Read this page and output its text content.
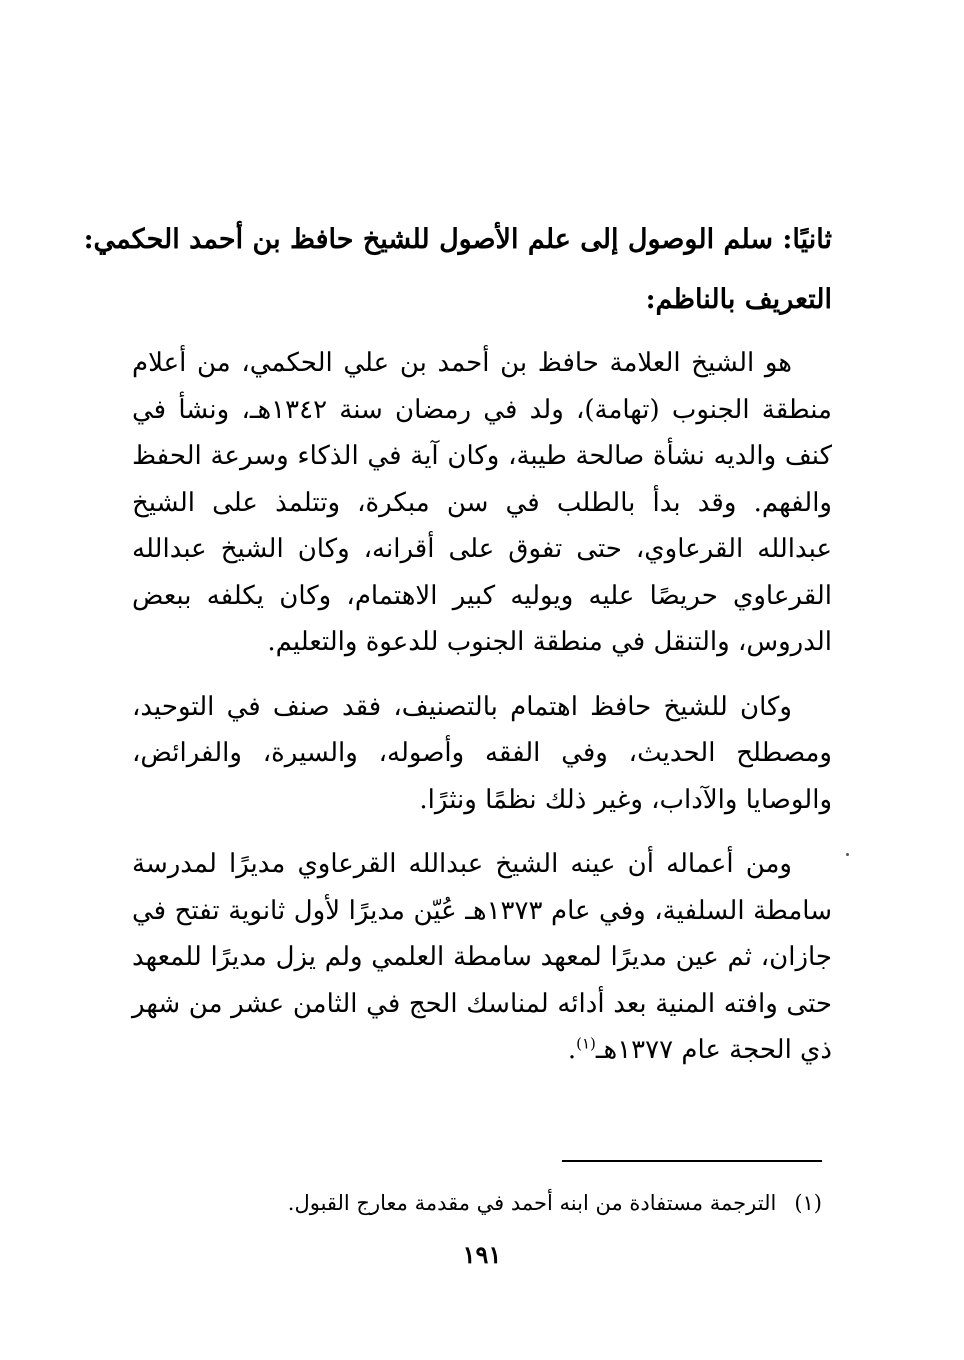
ثانيًا: سلم الوصول إلى علم الأصول للشيخ حافظ بن أحمد الحكمي:
التعريف بالناظم:

هو الشيخ العلامة حافظ بن أحمد بن علي الحكمي، من أعلام منطقة الجنوب (تهامة)، ولد في رمضان سنة ١٣٤٢هـ، ونشأ في كنف والديه نشأة صالحة طيبة، وكان آية في الذكاء وسرعة الحفظ والفهم. وقد بدأ بالطلب في سن مبكرة، وتتلمذ على الشيخ عبدالله القرعاوي، حتى تفوق على أقرانه، وكان الشيخ عبدالله القرعاوي حريصًا عليه ويوليه كبير الاهتمام، وكان يكلفه ببعض الدروس، والتنقل في منطقة الجنوب للدعوة والتعليم.

وكان للشيخ حافظ اهتمام بالتصنيف، فقد صنف في التوحيد، ومصطلح الحديث، وفي الفقه وأصوله، والسيرة، والفرائض، والوصايا والآداب، وغير ذلك نظمًا ونثرًا.

ومن أعماله أن عينه الشيخ عبدالله القرعاوي مديرًا لمدرسة سامطة السلفية، وفي عام ١٣٧٣هـ عُيّن مديرًا لأول ثانوية تفتح في جازان، ثم عين مديرًا لمعهد سامطة العلمي ولم يزل مديرًا للمعهد حتى وافته المنية بعد أدائه لمناسك الحج في الثامن عشر من شهر ذي الحجة عام ١٣٧٧هـ$^{(١)}$.

(١)الترجمة مستفادة من ابنه أحمد في مقدمة معارج القبول.
١٩١
